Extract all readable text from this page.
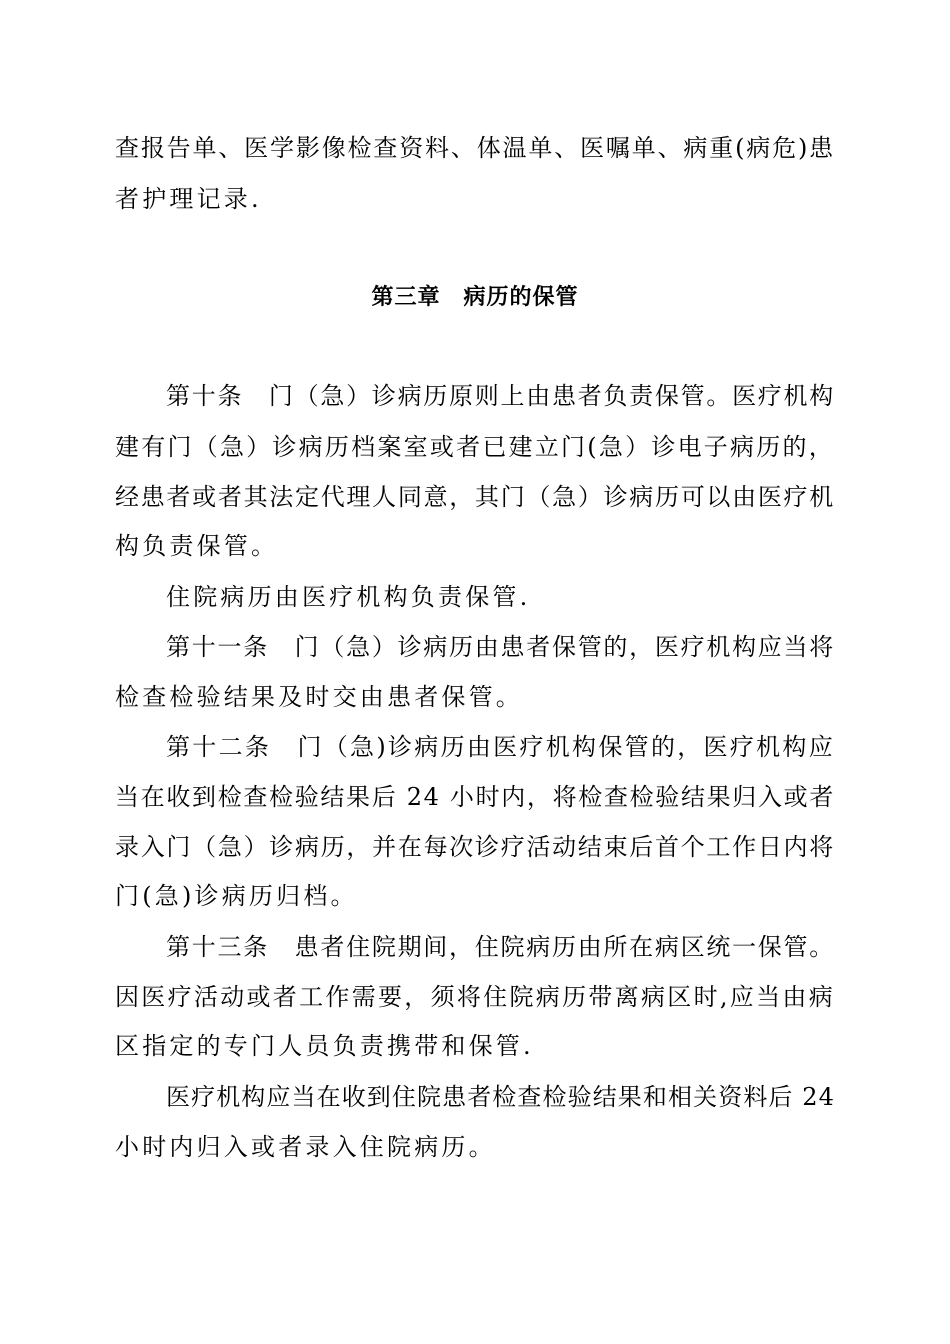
查报告单、医学影像检查资料、体温单、医嘱单、病重(病危)患
者护理记录.
第三章　病历的保管
第十条　门（急）诊病历原则上由患者负责保管。医疗机构
建有门（急）诊病历档案室或者已建立门(急）诊电子病历的，
经患者或者其法定代理人同意，其门（急）诊病历可以由医疗机
构负责保管。
住院病历由医疗机构负责保管.
第十一条　门（急）诊病历由患者保管的，医疗机构应当将
检查检验结果及时交由患者保管。
第十二条　门（急)诊病历由医疗机构保管的，医疗机构应
当在收到检查检验结果后 24 小时内，将检查检验结果归入或者
录入门（急）诊病历，并在每次诊疗活动结束后首个工作日内将
门(急)诊病历归档。
第十三条　患者住院期间，住院病历由所在病区统一保管。
因医疗活动或者工作需要，须将住院病历带离病区时,应当由病
区指定的专门人员负责携带和保管.
医疗机构应当在收到住院患者检查检验结果和相关资料后 24
小时内归入或者录入住院病历。
